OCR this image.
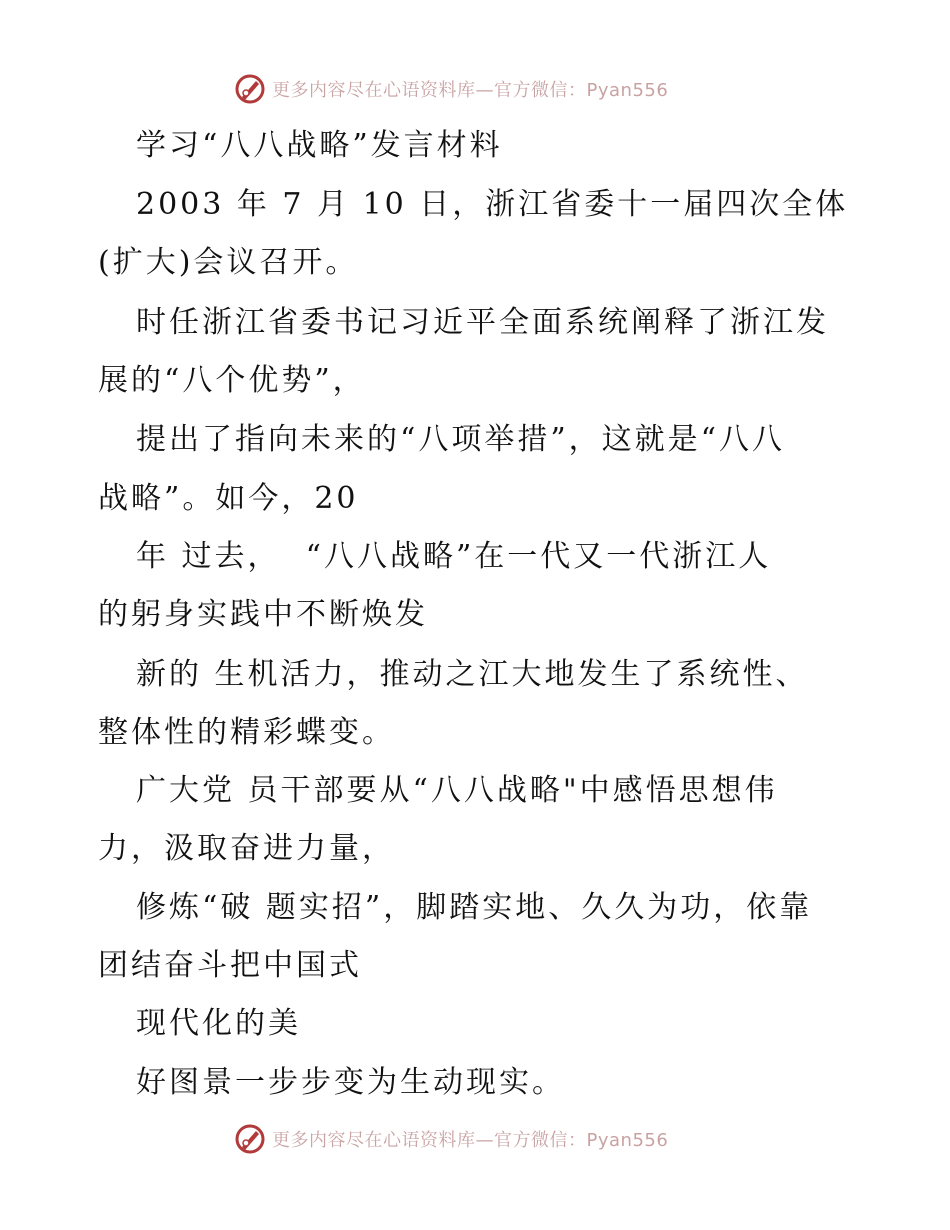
更多内容尽在心语资料库—官方微信：Pyan556
学习“八八战略”发言材料
2003 年 7 月 10 日，浙江省委十一届四次全体
(扩大)会议召开。
时任浙江省委书记习近平全面系统阐释了浙江发
展的“八个优势”，
提出了指向未来的“八项举措”，这就是“八八
战略”。如今，20
年 过去，  “八八战略”在一代又一代浙江人
的躬身实践中不断焕发
新的 生机活力，推动之江大地发生了系统性、
整体性的精彩蝶变。
广大党 员干部要从“八八战略"中感悟思想伟
力，汲取奋进力量，
修炼“破 题实招”，脚踏实地、久久为功，依靠
团结奋斗把中国式
现代化的美
好图景一步步变为生动现实。
更多内容尽在心语资料库—官方微信：Pyan556
